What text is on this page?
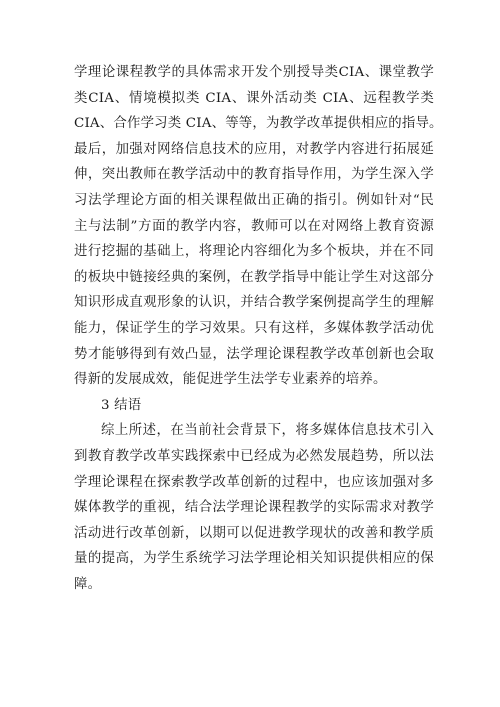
学理论课程教学的具体需求开发个别授导类CIA、课堂教学
类CIA、情境模拟类 CIA、课外活动类 CIA、远程教学类
CIA、合作学习类 CIA、等等，为教学改革提供相应的指导。
最后，加强对网络信息技术的应用，对教学内容进行拓展延
伸，突出教师在教学活动中的教育指导作用，为学生深入学
习法学理论方面的相关课程做出正确的指引。例如针对“民
主与法制”方面的教学内容，教师可以在对网络上教育资源
进行挖掘的基础上，将理论内容细化为多个板块，并在不同
的板块中链接经典的案例，在教学指导中能让学生对这部分
知识形成直观形象的认识，并结合教学案例提高学生的理解
能力，保证学生的学习效果。只有这样，多媒体教学活动优
势才能够得到有效凸显，法学理论课程教学改革创新也会取
得新的发展成效，能促进学生法学专业素养的培养。
3 结语
综上所述，在当前社会背景下，将多媒体信息技术引入
到教育教学改革实践探索中已经成为必然发展趋势，所以法
学理论课程在探索教学改革创新的过程中，也应该加强对多
媒体教学的重视，结合法学理论课程教学的实际需求对教学
活动进行改革创新，以期可以促进教学现状的改善和教学质
量的提高，为学生系统学习法学理论相关知识提供相应的保
障。
